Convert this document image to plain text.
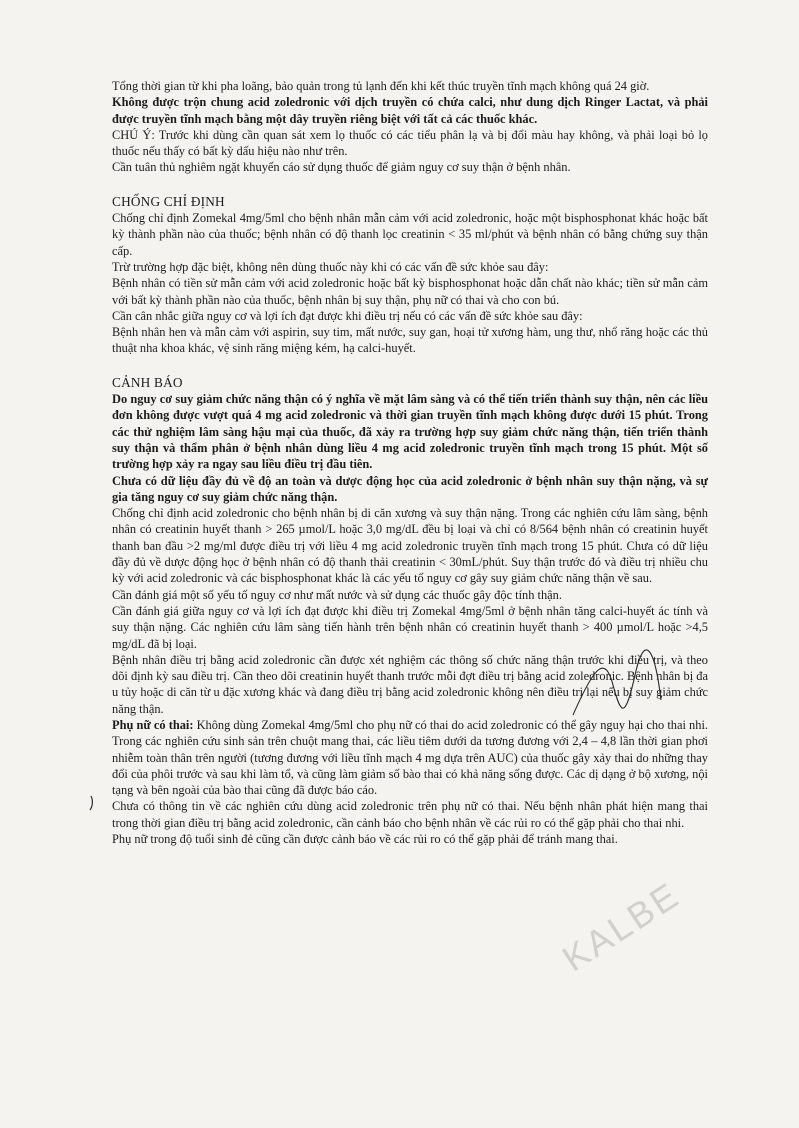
Tổng thời gian từ khi pha loãng, bảo quản trong tủ lạnh đến khi kết thúc truyền tĩnh mạch không quá 24 giờ.

Không được trộn chung acid zoledronic với dịch truyền có chứa calci, như dung dịch Ringer Lactat, và phải được truyền tĩnh mạch bằng một dây truyền riêng biệt với tất cả các thuốc khác.

CHÚ Ý: Trước khi dùng cần quan sát xem lọ thuốc có các tiểu phân lạ và bị đổi màu hay không, và phải loại bỏ lọ thuốc nếu thấy có bất kỳ dấu hiệu nào như trên.

Cần tuân thủ nghiêm ngặt khuyến cáo sử dụng thuốc để giảm nguy cơ suy thận ở bệnh nhân.

CHỐNG CHỈ ĐỊNH

Chống chỉ định Zomekal 4mg/5ml cho bệnh nhân mẫn cảm với acid zoledronic, hoặc một bisphosphonat khác hoặc bất kỳ thành phần nào của thuốc; bệnh nhân có độ thanh lọc creatinin < 35 ml/phút và bệnh nhân có bằng chứng suy thận cấp.

Trừ trường hợp đặc biệt, không nên dùng thuốc này khi có các vấn đề sức khỏe sau đây:

Bệnh nhân có tiền sử mẫn cảm với acid zoledronic hoặc bất kỳ bisphosphonat hoặc dẫn chất nào khác; tiền sử mẫn cảm với bất kỳ thành phần nào của thuốc, bệnh nhân bị suy thận, phụ nữ có thai và cho con bú.

Cần cân nhắc giữa nguy cơ và lợi ích đạt được khi điều trị nếu có các vấn đề sức khỏe sau đây:

Bệnh nhân hen và mẫn cảm với aspirin, suy tim, mất nước, suy gan, hoại tử xương hàm, ung thư, nhổ răng hoặc các thủ thuật nha khoa khác, vệ sinh răng miệng kém, hạ calci-huyết.

CẢNH BÁO

Do nguy cơ suy giảm chức năng thận có ý nghĩa về mặt lâm sàng và có thể tiến triển thành suy thận, nên các liều đơn không được vượt quá 4 mg acid zoledronic và thời gian truyền tĩnh mạch không được dưới 15 phút. Trong các thử nghiệm lâm sàng hậu mại của thuốc, đã xảy ra trường hợp suy giảm chức năng thận, tiến triển thành suy thận và thẩm phân ở bệnh nhân dùng liều 4 mg acid zoledronic truyền tĩnh mạch trong 15 phút. Một số trường hợp xảy ra ngay sau liều điều trị đầu tiên.

Chưa có dữ liệu đầy đủ về độ an toàn và dược động học của acid zoledronic ở bệnh nhân suy thận nặng, và sự gia tăng nguy cơ suy giảm chức năng thận.

Chống chỉ định acid zoledronic cho bệnh nhân bị di căn xương và suy thận nặng. Trong các nghiên cứu lâm sàng, bệnh nhân có creatinin huyết thanh > 265 µmol/L hoặc 3,0 mg/dL đều bị loại và chỉ có 8/564 bệnh nhân có creatinin huyết thanh ban đầu >2 mg/ml được điều trị với liều 4 mg acid zoledronic truyền tĩnh mạch trong 15 phút. Chưa có dữ liệu đầy đủ về dược động học ở bệnh nhân có độ thanh thải creatinin < 30mL/phút. Suy thận trước đó và điều trị nhiều chu kỳ với acid zoledronic và các bisphosphonat khác là các yếu tố nguy cơ gây suy giảm chức năng thận về sau.

Cần đánh giá một số yếu tố nguy cơ như mất nước và sử dụng các thuốc gây độc tính thận.

Cần đánh giá giữa nguy cơ và lợi ích đạt được khi điều trị Zomekal 4mg/5ml ở bệnh nhân tăng calci-huyết ác tính và suy thận nặng. Các nghiên cứu lâm sàng tiến hành trên bệnh nhân có creatinin huyết thanh > 400 µmol/L hoặc >4,5 mg/dL đã bị loại.

Bệnh nhân điều trị bằng acid zoledronic cần được xét nghiệm các thông số chức năng thận trước khi điều trị, và theo dõi định kỳ sau điều trị. Cần theo dõi creatinin huyết thanh trước mỗi đợt điều trị bằng acid zoledronic. Bệnh nhân bị đa u tủy hoặc di căn từ u đặc xương khác và đang điều trị bằng acid zoledronic không nên điều trị lại nếu bị suy giảm chức năng thận.

Phụ nữ có thai: Không dùng Zomekal 4mg/5ml cho phụ nữ có thai do acid zoledronic có thể gây nguy hại cho thai nhi. Trong các nghiên cứu sinh sản trên chuột mang thai, các liều tiêm dưới da tương đương với 2,4 – 4,8 lần thời gian phơi nhiễm toàn thân trên người (tương đương với liều tĩnh mạch 4 mg dựa trên AUC) của thuốc gây xảy thai do những thay đổi của phôi trước và sau khi làm tổ, và cũng làm giảm số bào thai có khả năng sống được. Các dị dạng ở bộ xương, nội tạng và bên ngoài của bào thai cũng đã được báo cáo.

Chưa có thông tin về các nghiên cứu dùng acid zoledronic trên phụ nữ có thai. Nếu bệnh nhân phát hiện mang thai trong thời gian điều trị bằng acid zoledronic, cần cảnh báo cho bệnh nhân về các rủi ro có thể gặp phải cho thai nhi.

Phụ nữ trong độ tuổi sinh đẻ cũng cần được cảnh báo về các rủi ro có thể gặp phải để tránh mang thai.

KALBE
